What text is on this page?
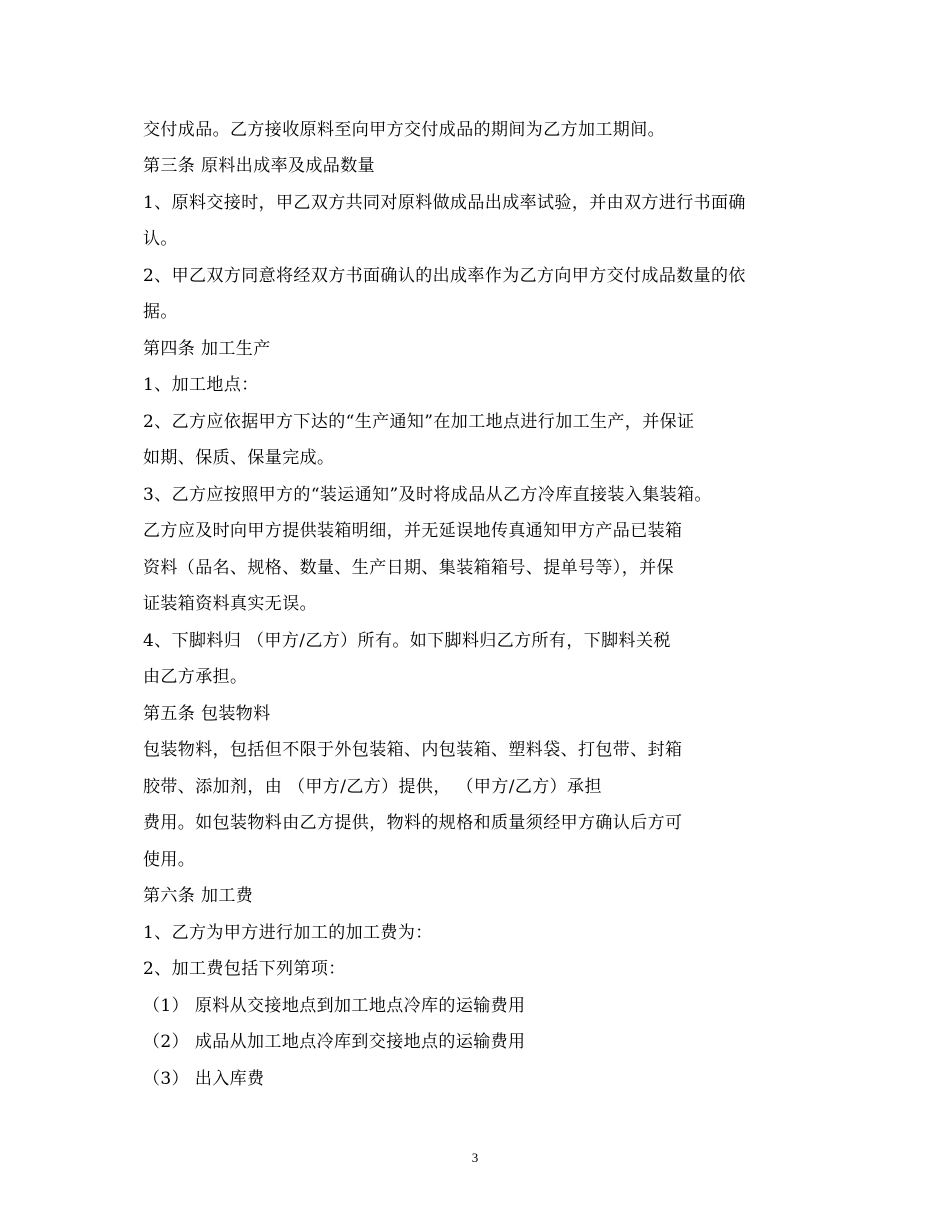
交付成品。乙方接收原料至向甲方交付成品的期间为乙方加工期间。
第三条 原料出成率及成品数量
1、原料交接时，甲乙双方共同对原料做成品出成率试验，并由双方进行书面确
认。
2、甲乙双方同意将经双方书面确认的出成率作为乙方向甲方交付成品数量的依
据。
第四条 加工生产
1、加工地点：
2、乙方应依据甲方下达的“生产通知”在加工地点进行加工生产，并保证
如期、保质、保量完成。
3、乙方应按照甲方的“装运通知”及时将成品从乙方冷库直接装入集装箱。
乙方应及时向甲方提供装箱明细，并无延误地传真通知甲方产品已装箱
资料（品名、规格、数量、生产日期、集装箱箱号、提单号等），并保
证装箱资料真实无误。
4、下脚料归 （甲方/乙方）所有。如下脚料归乙方所有，下脚料关税
由乙方承担。
第五条 包装物料
包装物料，包括但不限于外包装箱、内包装箱、塑料袋、打包带、封箱
胶带、添加剂，由 （甲方/乙方）提供， （甲方/乙方）承担
费用。如包装物料由乙方提供，物料的规格和质量须经甲方确认后方可
使用。
第六条 加工费
1、乙方为甲方进行加工的加工费为：
2、加工费包括下列第项：
（1） 原料从交接地点到加工地点冷库的运输费用
（2） 成品从加工地点冷库到交接地点的运输费用
（3） 出入库费
3
